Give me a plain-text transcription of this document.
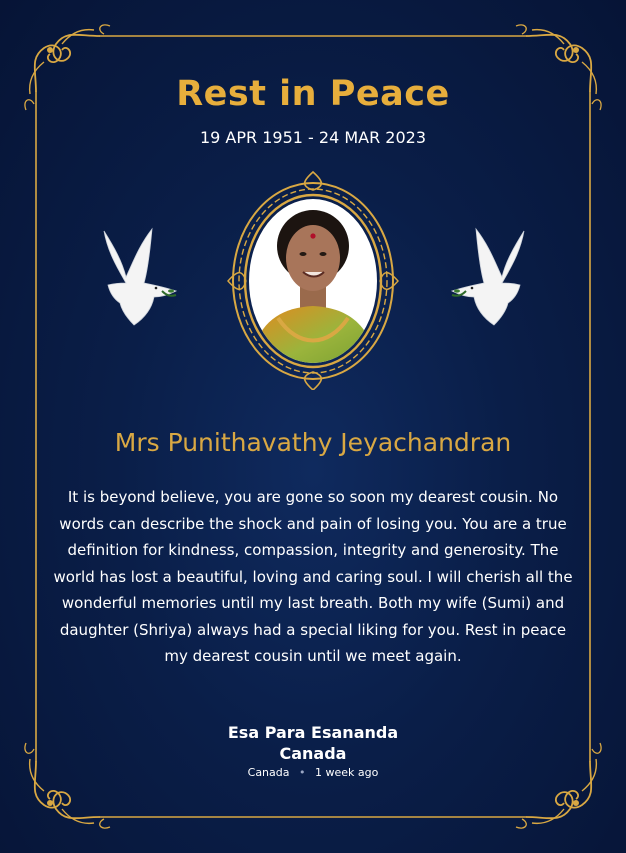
Rest in Peace
19 APR 1951 - 24 MAR 2023
Mrs Punithavathy Jeyachandran
It is beyond believe, you are gone so soon my dearest cousin. No words can describe the shock and pain of losing you. You are a true definition for kindness, compassion, integrity and generosity. The world has lost a beautiful, loving and caring soul. I will cherish all the wonderful memories until my last breath. Both my wife (Sumi) and daughter (Shriya) always had a special liking for you. Rest in peace my dearest cousin until we meet again.
Esa Para Esananda
Canada
Canada • 1 week ago
